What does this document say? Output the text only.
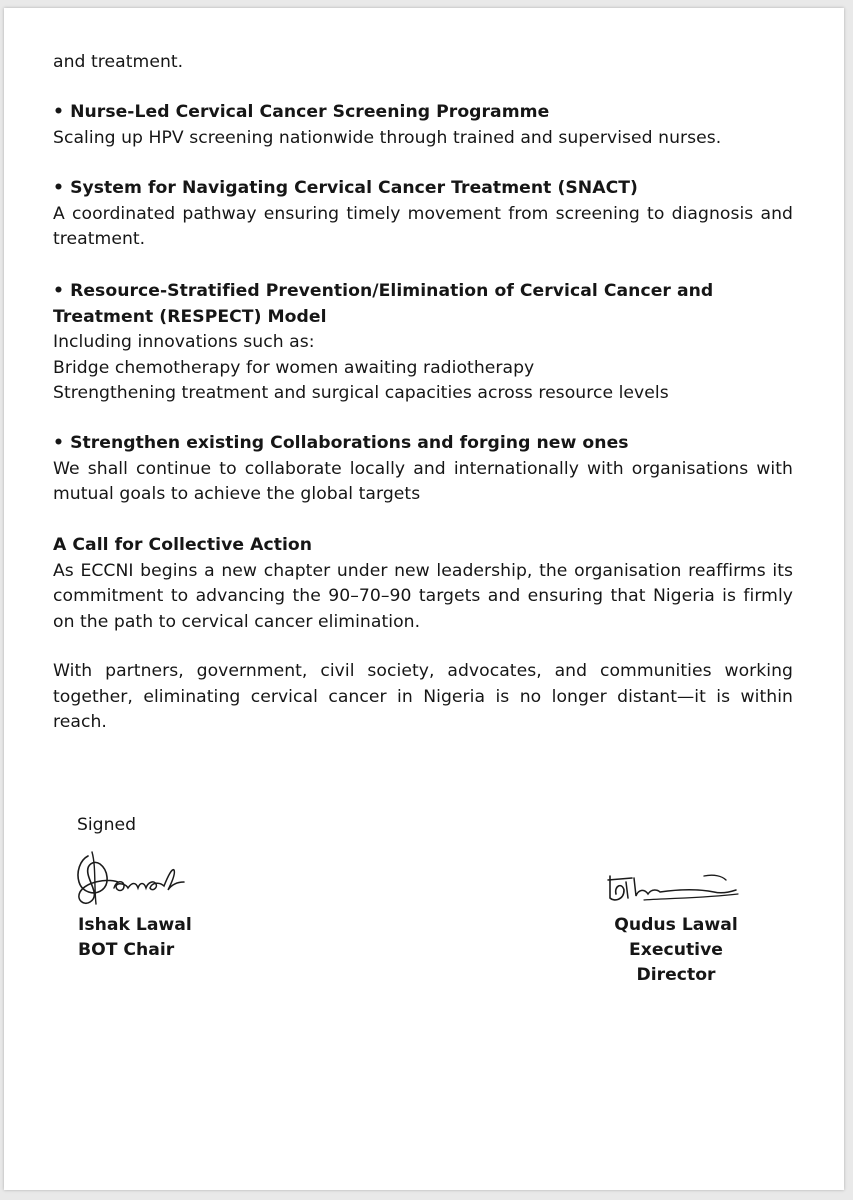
and treatment.
• Nurse-Led Cervical Cancer Screening Programme
Scaling up HPV screening nationwide through trained and supervised nurses.
• System for Navigating Cervical Cancer Treatment (SNACT)
A coordinated pathway ensuring timely movement from screening to diagnosis and treatment.
• Resource-Stratified Prevention/Elimination of Cervical Cancer and Treatment (RESPECT) Model
Including innovations such as:
Bridge chemotherapy for women awaiting radiotherapy
Strengthening treatment and surgical capacities across resource levels
• Strengthen existing Collaborations and forging new ones
We shall continue to collaborate locally and internationally with organisations with mutual goals to achieve the global targets
A Call for Collective Action
As ECCNI begins a new chapter under new leadership, the organisation reaffirms its commitment to advancing the 90–70–90 targets and ensuring that Nigeria is firmly on the path to cervical cancer elimination.
With partners, government, civil society, advocates, and communities working together, eliminating cervical cancer in Nigeria is no longer distant—it is within reach.
Signed
Ishak Lawal
BOT Chair
Qudus Lawal
Executive Director
